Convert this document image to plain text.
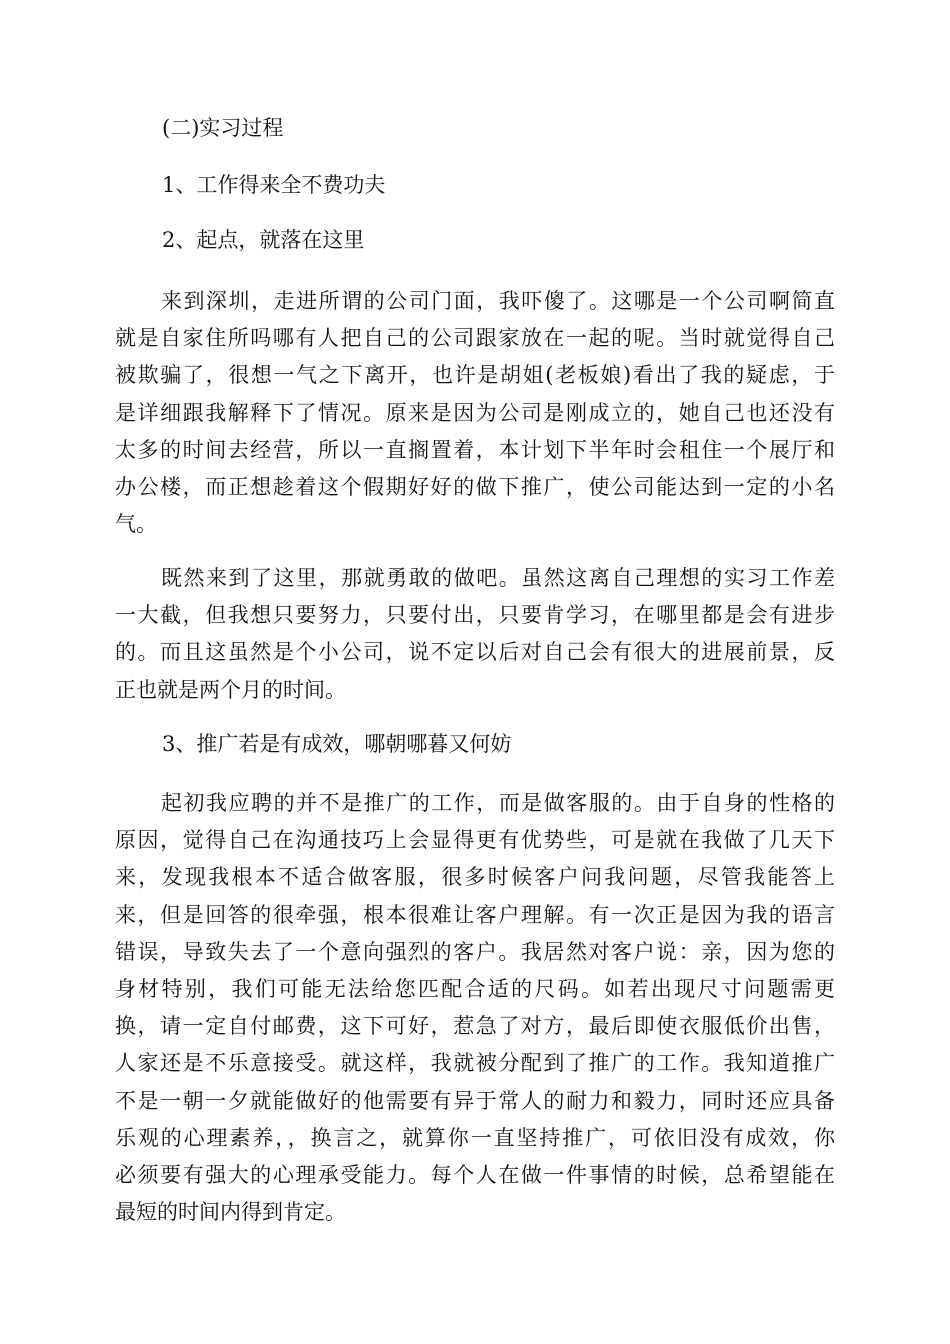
(二)实习过程

1、工作得来全不费功夫

2、起点，就落在这里

来到深圳，走进所谓的公司门面，我吓傻了。这哪是一个公司啊简直
就是自家住所吗哪有人把自己的公司跟家放在一起的呢。当时就觉得自己
被欺骗了，很想一气之下离开，也许是胡姐(老板娘)看出了我的疑虑，于
是详细跟我解释下了情况。原来是因为公司是刚成立的，她自己也还没有
太多的时间去经营，所以一直搁置着，本计划下半年时会租住一个展厅和
办公楼，而正想趁着这个假期好好的做下推广，使公司能达到一定的小名
气。
既然来到了这里，那就勇敢的做吧。虽然这离自己理想的实习工作差
一大截，但我想只要努力，只要付出，只要肯学习，在哪里都是会有进步
的。而且这虽然是个小公司，说不定以后对自己会有很大的进展前景，反
正也就是两个月的时间。

3、推广若是有成效，哪朝哪暮又何妨

起初我应聘的并不是推广的工作，而是做客服的。由于自身的性格的
原因，觉得自己在沟通技巧上会显得更有优势些，可是就在我做了几天下
来，发现我根本不适合做客服，很多时候客户问我问题，尽管我能答上
来，但是回答的很牵强，根本很难让客户理解。有一次正是因为我的语言
错误，导致失去了一个意向强烈的客户。我居然对客户说：亲，因为您的
身材特别，我们可能无法给您匹配合适的尺码。如若出现尺寸问题需更
换，请一定自付邮费，这下可好，惹急了对方，最后即使衣服低价出售，
人家还是不乐意接受。就这样，我就被分配到了推广的工作。我知道推广
不是一朝一夕就能做好的他需要有异于常人的耐力和毅力，同时还应具备
乐观的心理素养，，换言之，就算你一直坚持推广，可依旧没有成效，你
必须要有强大的心理承受能力。每个人在做一件事情的时候，总希望能在
最短的时间内得到肯定。
